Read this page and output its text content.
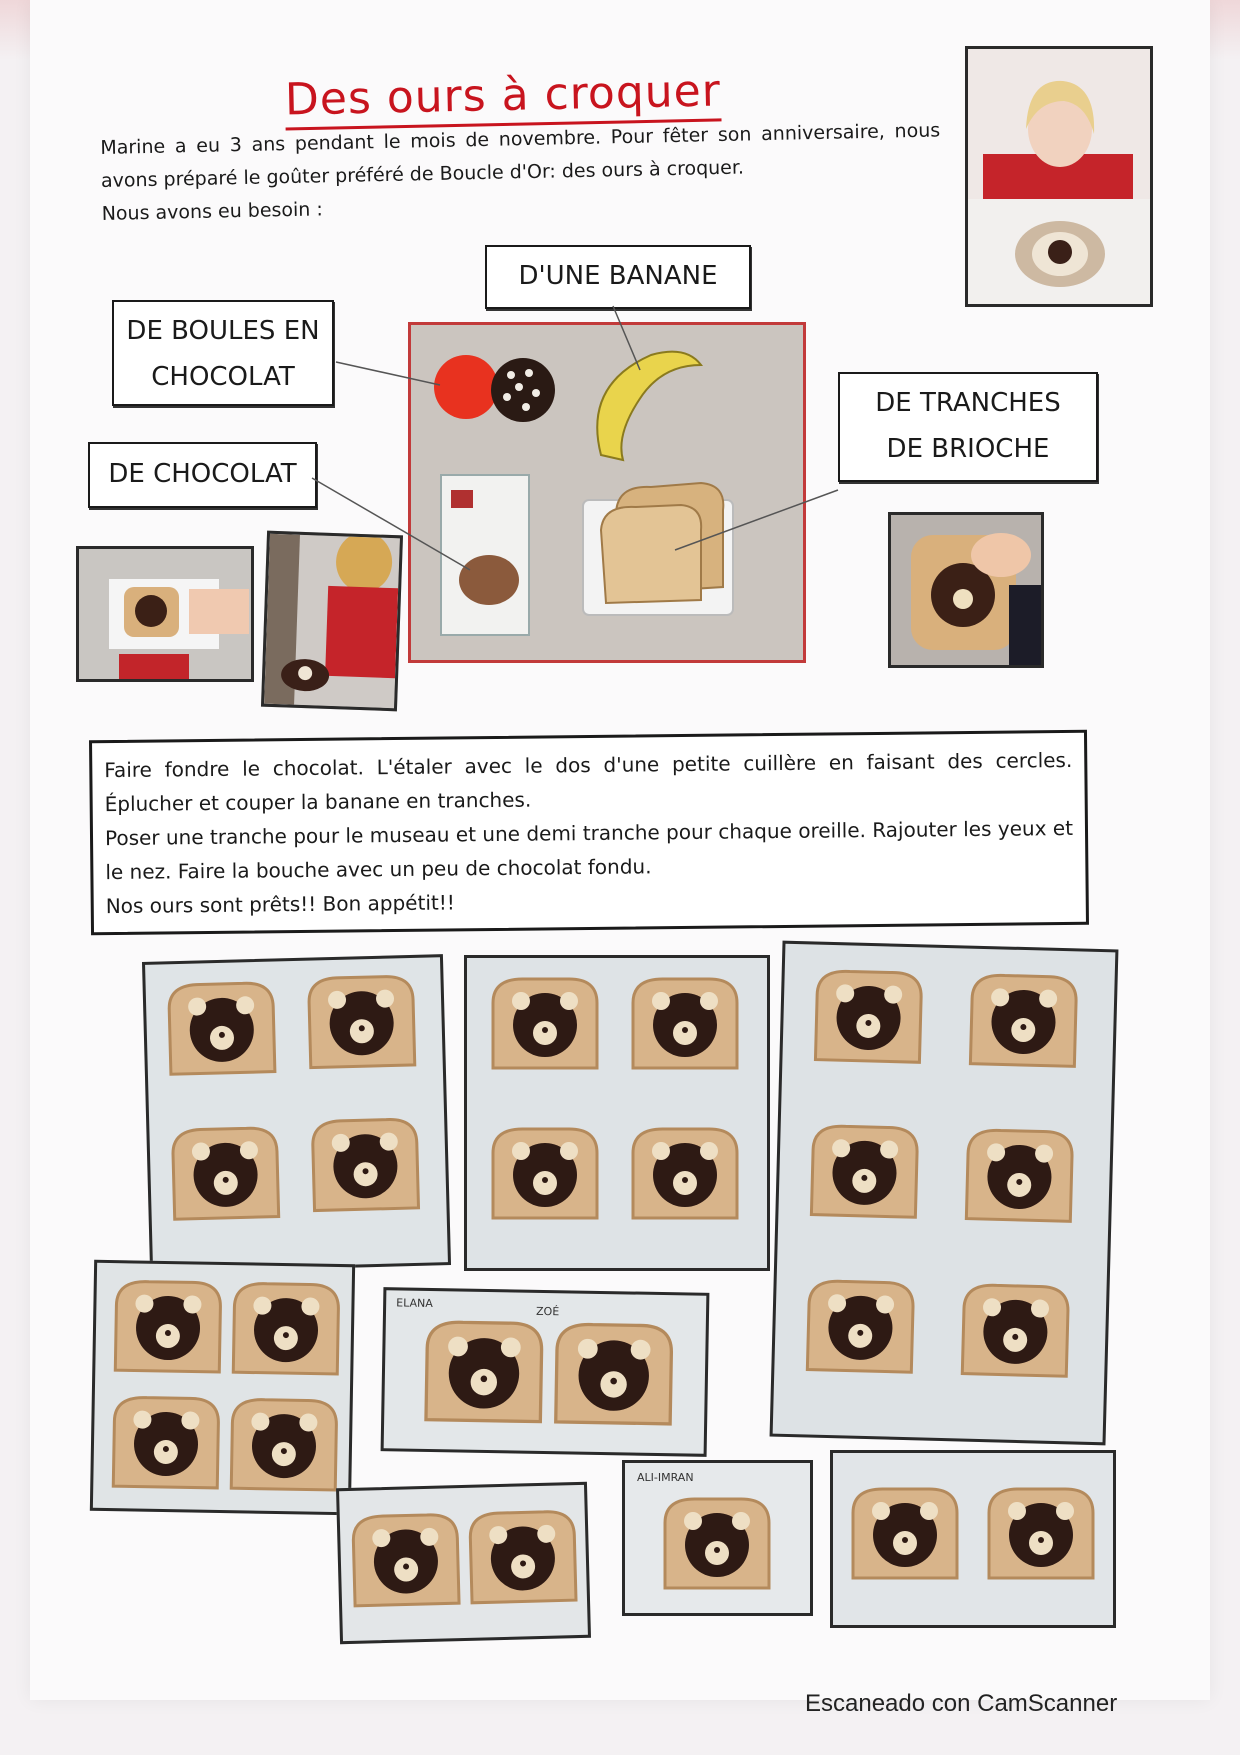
Des ours à croquer

Marine a eu 3 ans pendant le mois de novembre. Pour fêter son anniversaire, nous avons préparé le goûter préféré de Boucle d'Or: des ours à croquer.

Nous avons eu besoin :

D'UNE BANANE
DE BOULES EN
CHOCOLAT
DE CHOCOLAT
DE TRANCHES
DE BRIOCHE

Faire fondre le chocolat. L'étaler avec le dos d'une petite cuillère en faisant des cercles. Éplucher et couper la banane en tranches.

Poser une tranche pour le museau et une demi tranche pour chaque oreille. Rajouter les yeux et le nez. Faire la bouche avec un peu de chocolat fondu.

Nos ours sont prêts!! Bon appétit!!

ELANA
ZOÉ
ALI-IMRAN
Escaneado con CamScanner
